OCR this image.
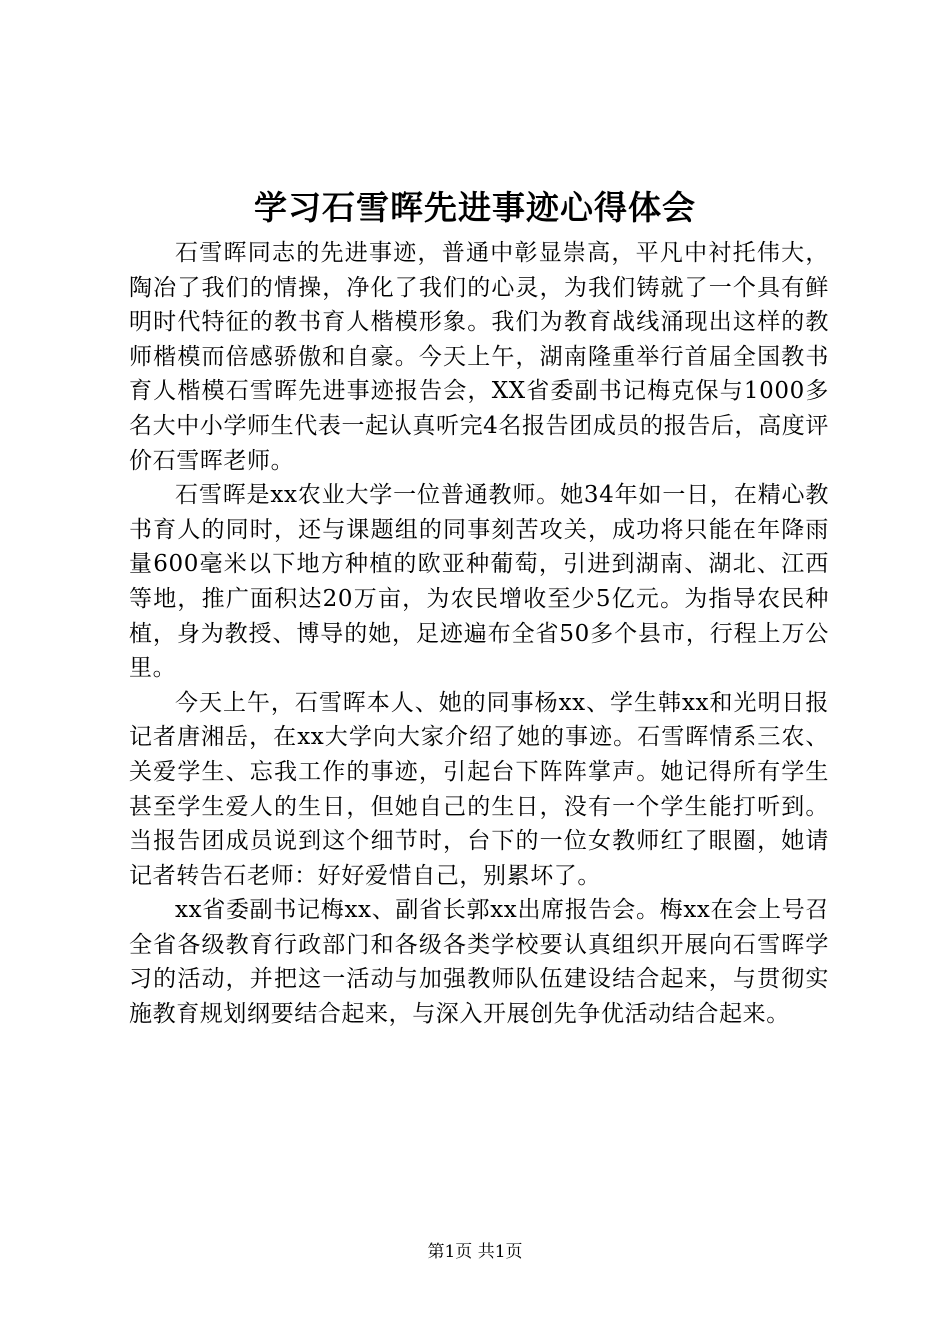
学习石雪晖先进事迹心得体会

石雪晖同志的先进事迹，普通中彰显崇高，平凡中衬托伟大，陶冶了我们的情操，净化了我们的心灵，为我们铸就了一个具有鲜明时代特征的教书育人楷模形象。我们为教育战线涌现出这样的教师楷模而倍感骄傲和自豪。今天上午，湖南隆重举行首届全国教书育人楷模石雪晖先进事迹报告会，XX省委副书记梅克保与1000多名大中小学师生代表一起认真听完4名报告团成员的报告后，高度评价石雪晖老师。

石雪晖是xx农业大学一位普通教师。她34年如一日，在精心教书育人的同时，还与课题组的同事刻苦攻关，成功将只能在年降雨量600毫米以下地方种植的欧亚种葡萄，引进到湖南、湖北、江西等地，推广面积达20万亩，为农民增收至少5亿元。为指导农民种植，身为教授、博导的她，足迹遍布全省50多个县市，行程上万公里。

今天上午，石雪晖本人、她的同事杨xx、学生韩xx和光明日报记者唐湘岳，在xx大学向大家介绍了她的事迹。石雪晖情系三农、关爱学生、忘我工作的事迹，引起台下阵阵掌声。她记得所有学生甚至学生爱人的生日，但她自己的生日，没有一个学生能打听到。当报告团成员说到这个细节时，台下的一位女教师红了眼圈，她请记者转告石老师：好好爱惜自己，别累坏了。

xx省委副书记梅xx、副省长郭xx出席报告会。梅xx在会上号召全省各级教育行政部门和各级各类学校要认真组织开展向石雪晖学习的活动，并把这一活动与加强教师队伍建设结合起来，与贯彻实施教育规划纲要结合起来，与深入开展创先争优活动结合起来。

第1页 共1页
